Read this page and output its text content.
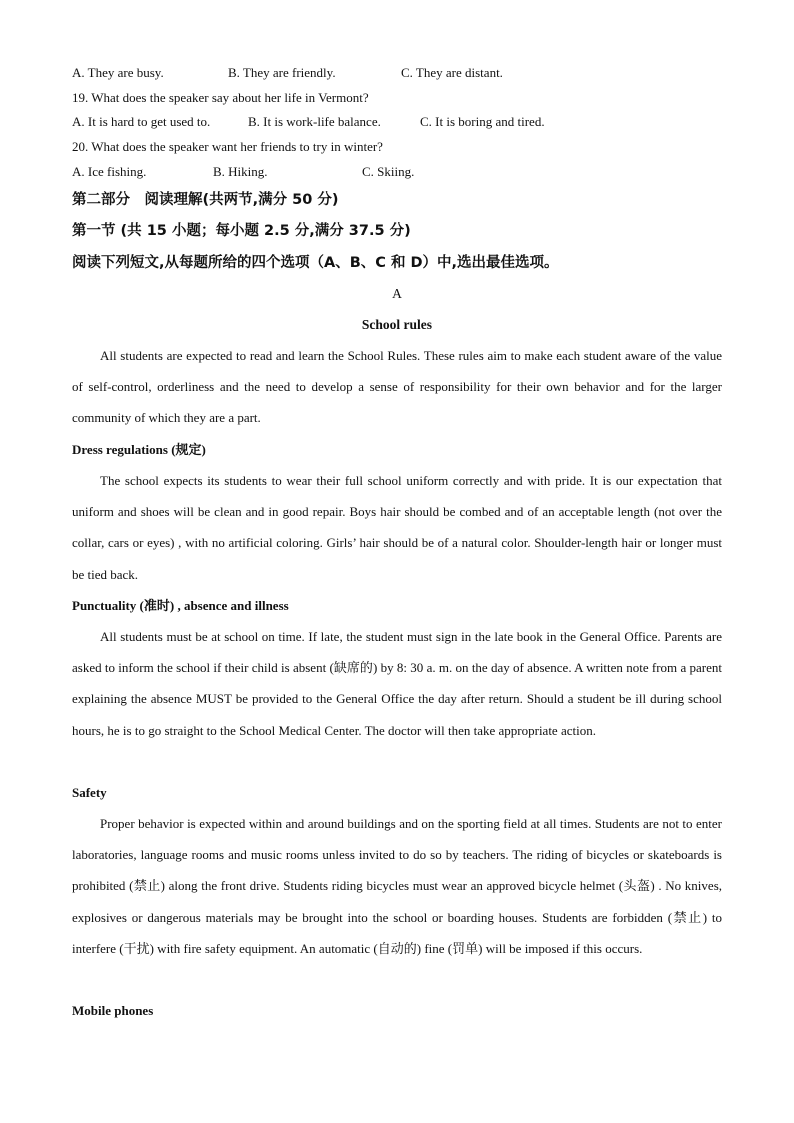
A. They are busy.	B. They are friendly.	C. They are distant.
19. What does the speaker say about her life in Vermont?
A. It is hard to get used to.	B. It is work-life balance.	C. It is boring and tired.
20. What does the speaker want her friends to try in winter?
A. Ice fishing.	B. Hiking.	C. Skiing.
第二部分　阅读理解(共两节,满分 50 分)
第一节 (共 15 小题；每小题 2.5 分,满分 37.5 分)
阅读下列短文,从每题所给的四个选项（A、B、C 和 D）中,选出最佳选项。
A
School rules
All students are expected to read and learn the School Rules. These rules aim to make each student aware of the value of self-control, orderliness and the need to develop a sense of responsibility for their own behavior and for the larger community of which they are a part.
Dress regulations (规定)
The school expects its students to wear their full school uniform correctly and with pride. It is our expectation that uniform and shoes will be clean and in good repair. Boys hair should be combed and of an acceptable length (not over the collar, cars or eyes) , with no artificial coloring. Girls’ hair should be of a natural color. Shoulder-length hair or longer must be tied back.
Punctuality (准时) , absence and illness
All students must be at school on time. If late, the student must sign in the late book in the General Office. Parents are asked to inform the school if their child is absent (缺席的) by 8: 30 a. m. on the day of absence. A written note from a parent explaining the absence MUST be provided to the General Office the day after return. Should a student be ill during school hours, he is to go straight to the School Medical Center. The doctor will then take appropriate action.
Safety
Proper behavior is expected within and around buildings and on the sporting field at all times. Students are not to enter laboratories, language rooms and music rooms unless invited to do so by teachers. The riding of bicycles or skateboards is prohibited (禁止) along the front drive. Students riding bicycles must wear an approved bicycle helmet (头盔) . No knives, explosives or dangerous materials may be brought into the school or boarding houses. Students are forbidden (禁止) to interfere (干扰) with fire safety equipment. An automatic (自动的) fine (罚单) will be imposed if this occurs.
Mobile phones
